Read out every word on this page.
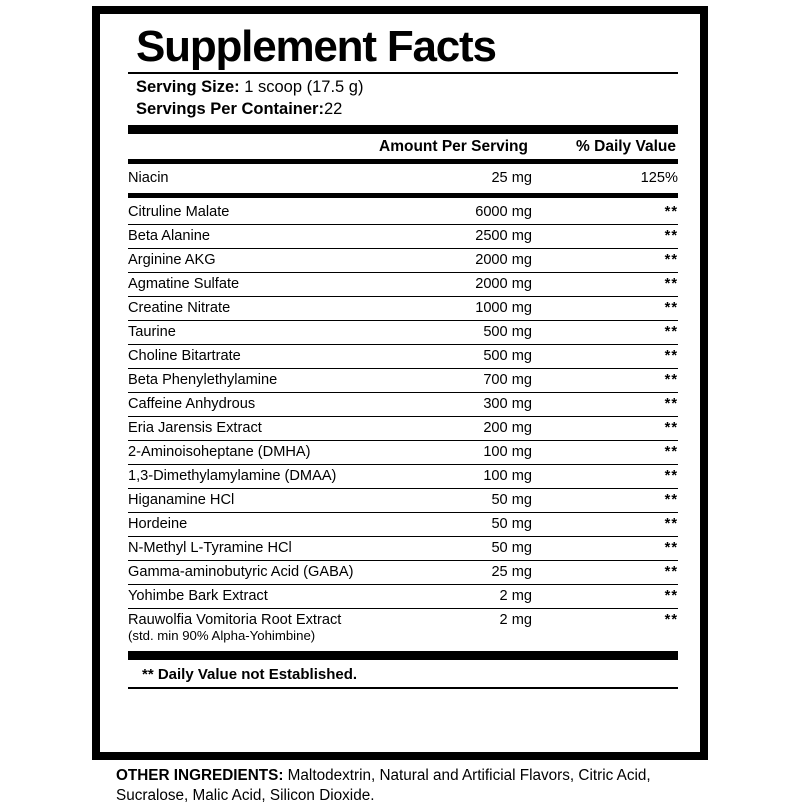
Supplement Facts
Serving Size: 1 scoop (17.5 g)
Servings Per Container:22
Amount Per Serving	% Daily Value
Niacin	25 mg	125%
Citruline Malate	6000 mg	**
Beta Alanine	2500 mg	**
Arginine AKG	2000 mg	**
Agmatine Sulfate	2000 mg	**
Creatine Nitrate	1000 mg	**
Taurine	500 mg	**
Choline Bitartrate	500 mg	**
Beta Phenylethylamine	700 mg	**
Caffeine Anhydrous	300 mg	**
Eria Jarensis Extract	200 mg	**
2-Aminoisoheptane (DMHA)	100 mg	**
1,3-Dimethylamylamine (DMAA)	100 mg	**
Higanamine HCl	50 mg	**
Hordeine	50 mg	**
N-Methyl L-Tyramine HCl	50 mg	**
Gamma-aminobutyric Acid (GABA)	25 mg	**
Yohimbe Bark Extract	2 mg	**
Rauwolfia Vomitoria Root Extract
(std. min 90% Alpha-Yohimbine)	2 mg	**
** Daily Value not Established.
OTHER INGREDIENTS: Maltodextrin, Natural and Artificial Flavors, Citric Acid, Sucralose, Malic Acid, Silicon Dioxide.
